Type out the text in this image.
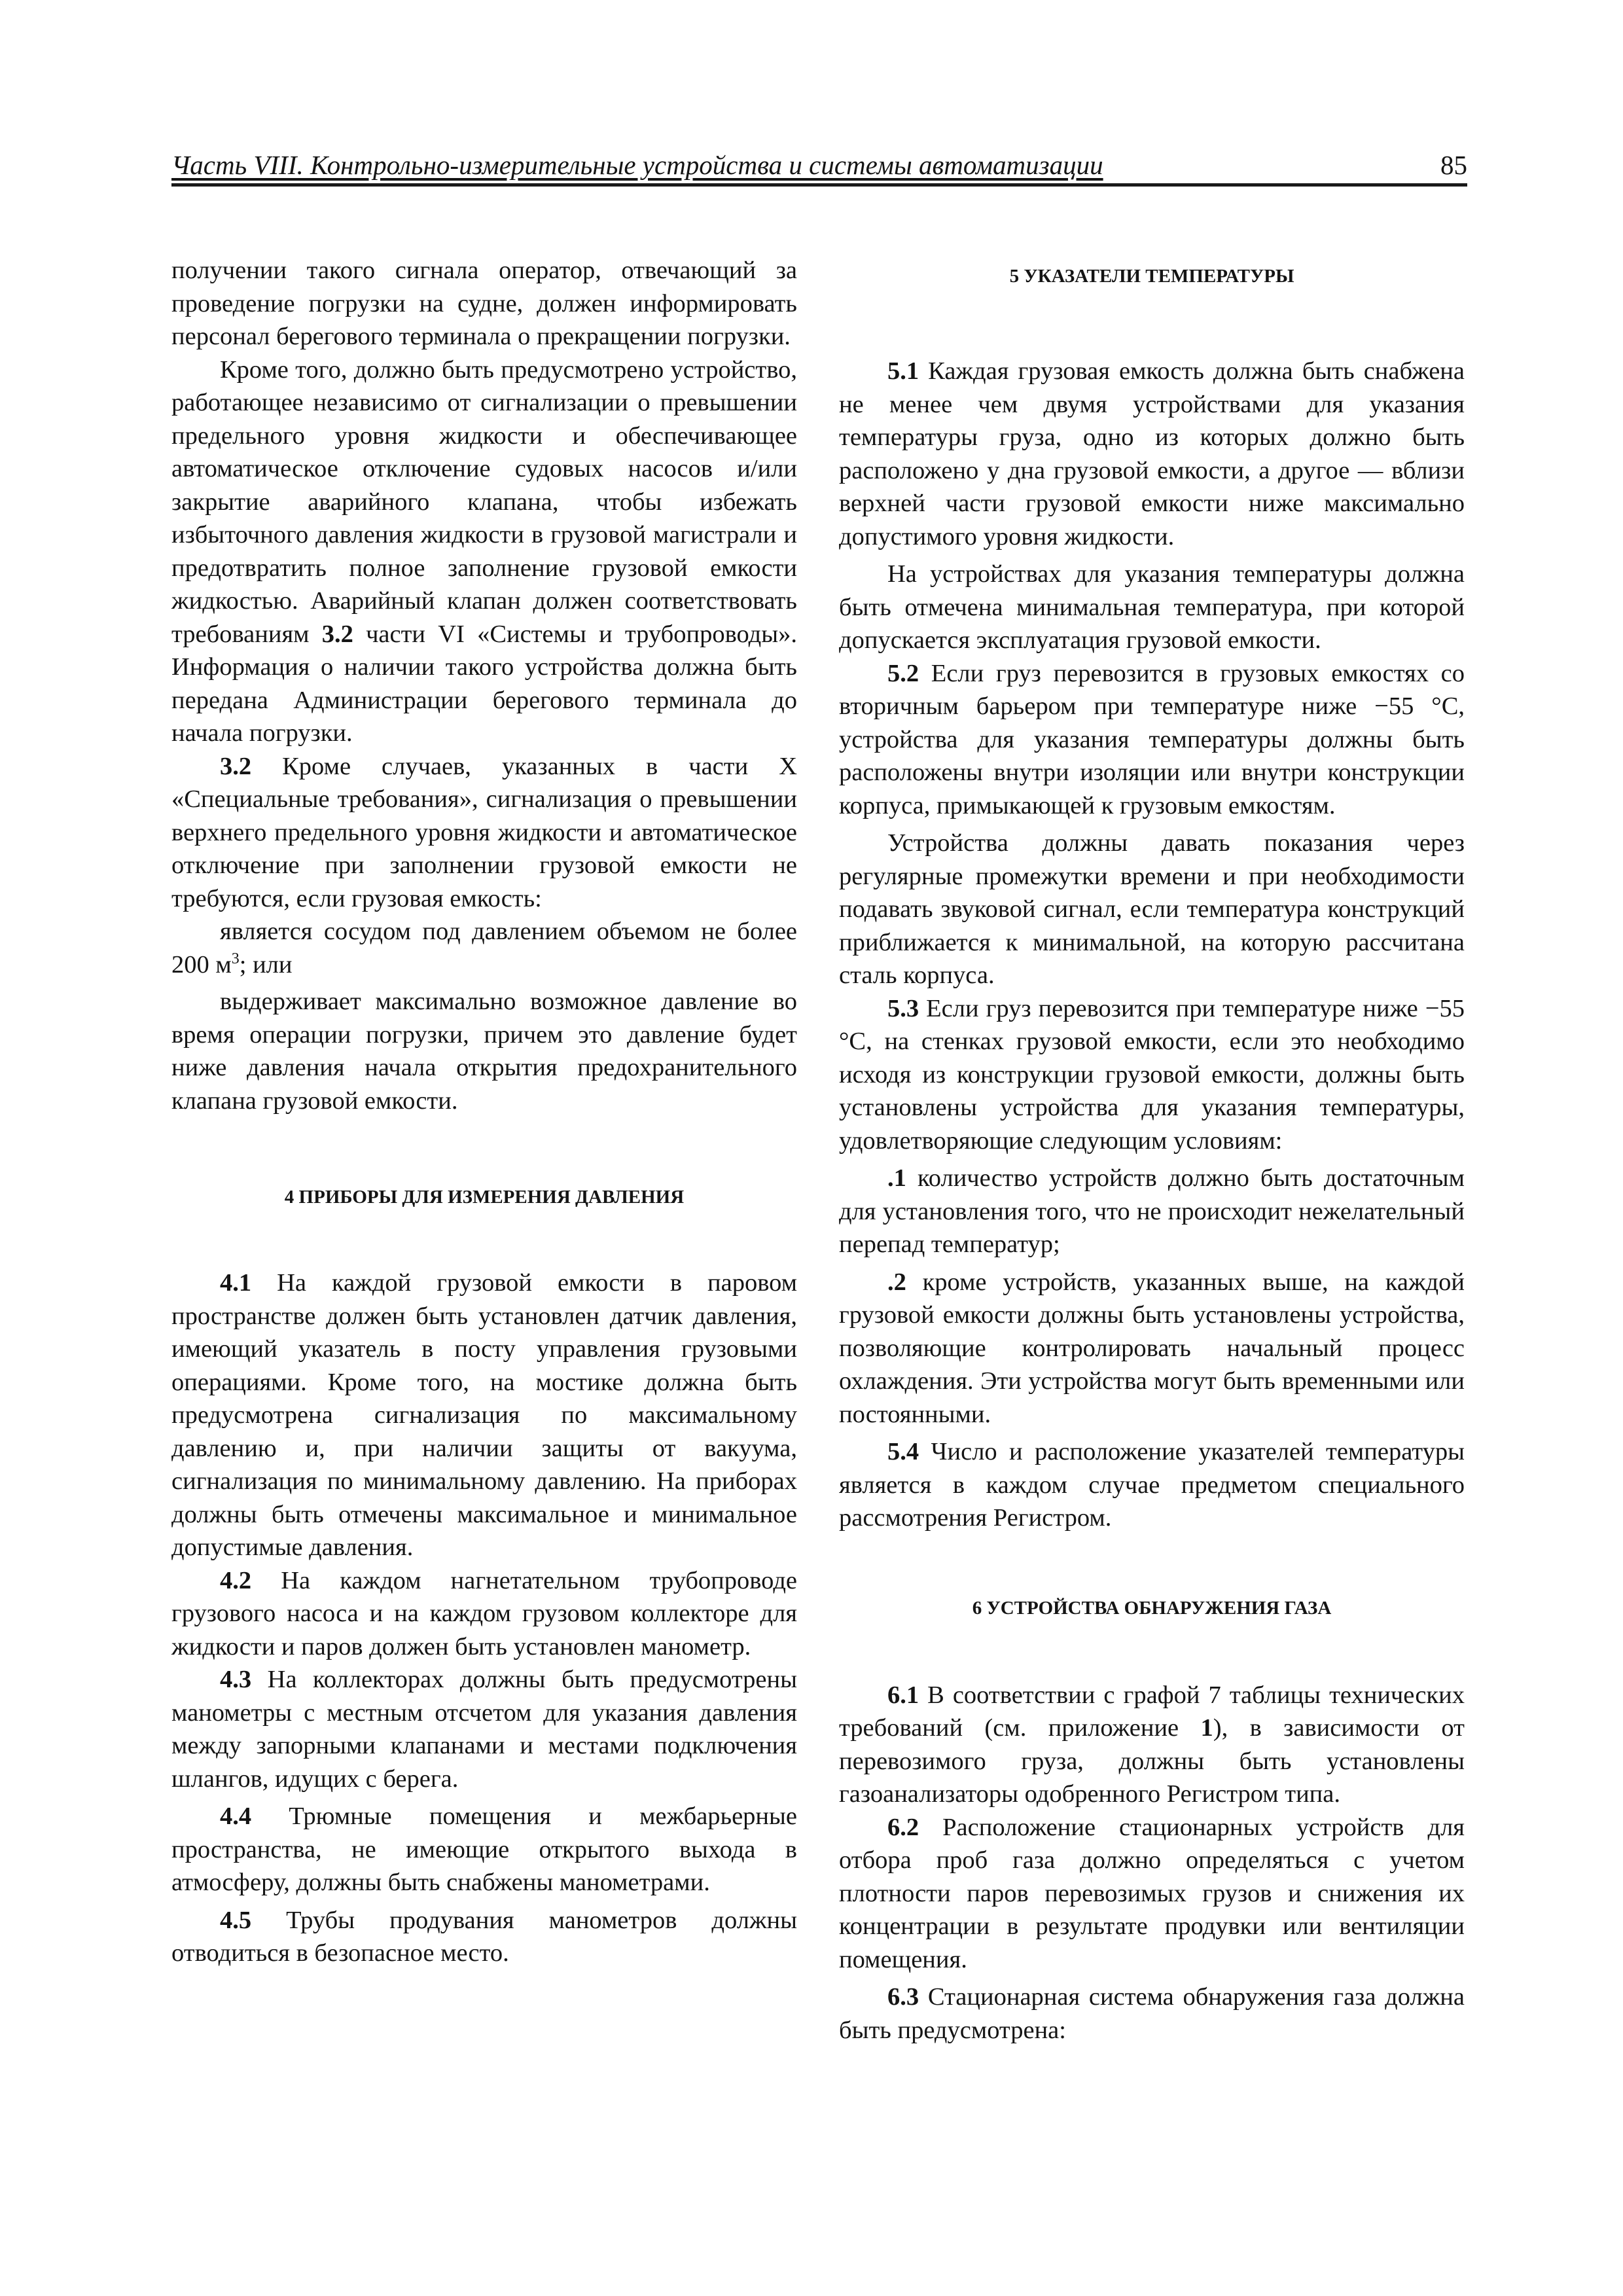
Часть VIII. Контрольно-измерительные устройства и системы автоматизации	85

получении такого сигнала оператор, отвечающий за проведение погрузки на судне, должен информировать персонал берегового терминала о прекращении погрузки.

Кроме того, должно быть предусмотрено устройство, работающее независимо от сигнализации о превышении предельного уровня жидкости и обеспечивающее автоматическое отключение судовых насосов и/или закрытие аварийного клапана, чтобы избежать избыточного давления жидкости в грузовой магистрали и предотвратить полное заполнение грузовой емкости жидкостью. Аварийный клапан должен соответствовать требованиям 3.2 части VI «Системы и трубопроводы». Информация о наличии такого устройства должна быть передана Администрации берегового терминала до начала погрузки.

3.2 Кроме случаев, указанных в части X «Специальные требования», сигнализация о превышении верхнего предельного уровня жидкости и автоматическое отключение при заполнении грузовой емкости не требуются, если грузовая емкость:

является сосудом под давлением объемом не более 200 $м^3$; или

выдерживает максимально возможное давление во время операции погрузки, причем это давление будет ниже давления начала открытия предохранительного клапана грузовой емкости.

4 ПРИБОРЫ ДЛЯ ИЗМЕРЕНИЯ ДАВЛЕНИЯ

4.1 На каждой грузовой емкости в паровом пространстве должен быть установлен датчик давления, имеющий указатель в посту управления грузовыми операциями. Кроме того, на мостике должна быть предусмотрена сигнализация по максимальному давлению и, при наличии защиты от вакуума, сигнализация по минимальному давлению. На приборах должны быть отмечены максимальное и минимальное допустимые давления.

4.2 На каждом нагнетательном трубопроводе грузового насоса и на каждом грузовом коллекторе для жидкости и паров должен быть установлен манометр.

4.3 На коллекторах должны быть предусмотрены манометры с местным отсчетом для указания давления между запорными клапанами и местами подключения шлангов, идущих с берега.

4.4 Трюмные помещения и межбарьерные пространства, не имеющие открытого выхода в атмосферу, должны быть снабжены манометрами.

4.5 Трубы продувания манометров должны отводиться в безопасное место.

5 УКАЗАТЕЛИ ТЕМПЕРАТУРЫ

5.1 Каждая грузовая емкость должна быть снабжена не менее чем двумя устройствами для указания температуры груза, одно из которых должно быть расположено у дна грузовой емкости, а другое — вблизи верхней части грузовой емкости ниже максимально допустимого уровня жидкости.

На устройствах для указания температуры должна быть отмечена минимальная температура, при которой допускается эксплуатация грузовой емкости.

5.2 Если груз перевозится в грузовых емкостях со вторичным барьером при температуре ниже −55 °C, устройства для указания температуры должны быть расположены внутри изоляции или внутри конструкции корпуса, примыкающей к грузовым емкостям.

Устройства должны давать показания через регулярные промежутки времени и при необходимости подавать звуковой сигнал, если температура конструкций приближается к минимальной, на которую рассчитана сталь корпуса.

5.3 Если груз перевозится при температуре ниже −55 °C, на стенках грузовой емкости, если это необходимо исходя из конструкции грузовой емкости, должны быть установлены устройства для указания температуры, удовлетворяющие следующим условиям:

.1 количество устройств должно быть достаточным для установления того, что не происходит нежелательный перепад температур;

.2 кроме устройств, указанных выше, на каждой грузовой емкости должны быть установлены устройства, позволяющие контролировать начальный процесс охлаждения. Эти устройства могут быть временными или постоянными.

5.4 Число и расположение указателей температуры является в каждом случае предметом специального рассмотрения Регистром.

6 УСТРОЙСТВА ОБНАРУЖЕНИЯ ГАЗА

6.1 В соответствии с графой 7 таблицы технических требований (см. приложение 1), в зависимости от перевозимого груза, должны быть установлены газоанализаторы одобренного Регистром типа.

6.2 Расположение стационарных устройств для отбора проб газа должно определяться с учетом плотности паров перевозимых грузов и снижения их концентрации в результате продувки или вентиляции помещения.

6.3 Стационарная система обнаружения газа должна быть предусмотрена:
